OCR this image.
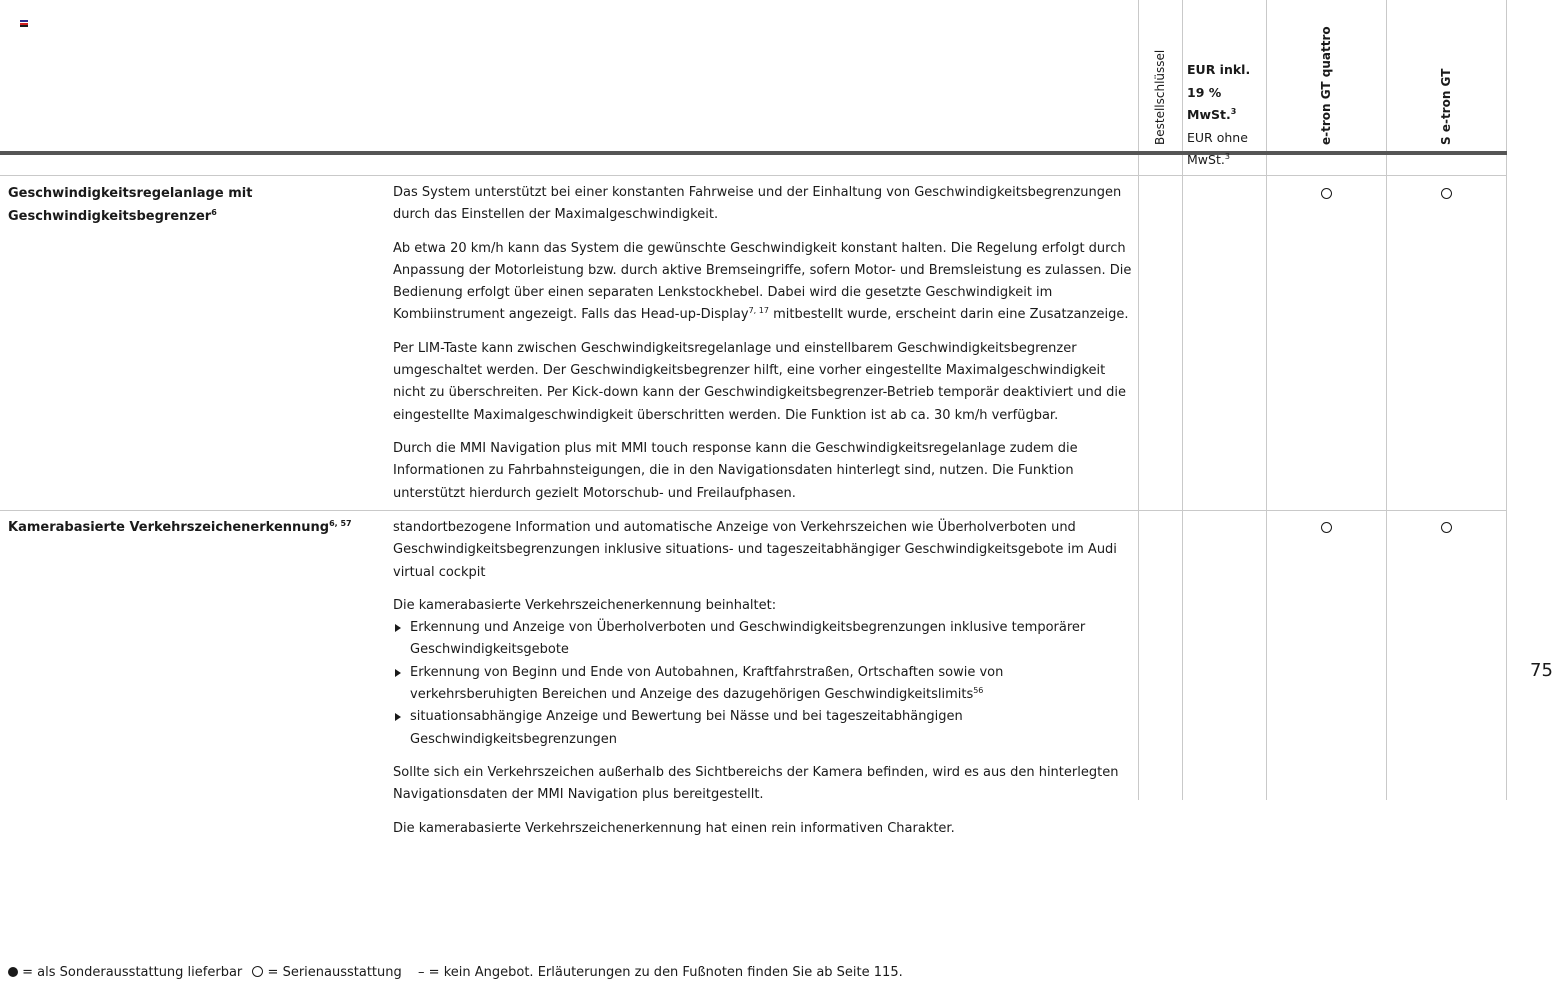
Bestellschlüssel EUR inkl.
19 % MwSt.$^3$
EUR ohne
MwSt.$^3$
e-tron GT quattro	S e-tron GT
Geschwindigkeitsregelanlage mit
Geschwindigkeitsbegrenzer$^6$

Das System unterstützt bei einer konstanten Fahrweise und der Einhaltung von Geschwindigkeitsbegrenzungen durch das Einstellen der Maximalgeschwindigkeit.

Ab etwa 20 km/h kann das System die gewünschte Geschwindigkeit konstant halten. Die Regelung erfolgt durch Anpassung der Motorleistung bzw. durch aktive Bremseingriffe, sofern Motor- und Bremsleistung es zulassen. Die Bedienung erfolgt über einen separaten Lenkstockhebel. Dabei wird die gesetzte Geschwindigkeit im Kombiinstrument angezeigt. Falls das Head-up-Display$^{7, 17}$ mitbestellt wurde, erscheint darin eine Zusatzanzeige.

Per LIM-Taste kann zwischen Geschwindigkeitsregelanlage und einstellbarem Geschwindigkeitsbegrenzer umgeschaltet werden. Der Geschwindigkeitsbegrenzer hilft, eine vorher eingestellte Maximalgeschwindigkeit nicht zu überschreiten. Per Kick-down kann der Geschwindigkeitsbegrenzer-Betrieb temporär deaktiviert und die eingestellte Maximalgeschwindigkeit überschritten werden. Die Funktion ist ab ca. 30 km/h verfügbar.

Durch die MMI Navigation plus mit MMI touch response kann die Geschwindigkeitsregelanlage zudem die Informationen zu Fahrbahnsteigungen, die in den Navigationsdaten hinterlegt sind, nutzen. Die Funktion unterstützt hierdurch gezielt Motorschub- und Freilaufphasen.

Kamerabasierte Verkehrszeichenerkennung$^{6, 57}$	standortbezogene Information und automatische Anzeige von Verkehrszeichen wie Überholverboten und Geschwindigkeitsbegrenzungen inklusive situations- und tageszeitabhängiger Geschwindigkeitsgebote im Audi virtual cockpit

Die kamerabasierte Verkehrszeichenerkennung beinhaltet:

Erkennung und Anzeige von Überholverboten und Geschwindigkeitsbegrenzungen inklusive temporärer Geschwindigkeitsgebote
Erkennung von Beginn und Ende von Autobahnen, Kraftfahrstraßen, Ortschaften sowie von verkehrsberuhigten Bereichen und Anzeige des dazugehörigen Geschwindigkeitslimits$^{56}$
situationsabhängige Anzeige und Bewertung bei Nässe und bei tageszeitabhängigen Geschwindigkeitsbegrenzungen

Sollte sich ein Verkehrszeichen außerhalb des Sichtbereichs der Kamera befinden, wird es aus den hinterlegten Navigationsdaten der MMI Navigation plus bereitgestellt.

Die kamerabasierte Verkehrszeichenerkennung hat einen rein informativen Charakter.

75
= als Sonderausstattung lieferbar = Serienausstattung – = kein Angebot. Erläuterungen zu den Fußnoten finden Sie ab Seite 115.
